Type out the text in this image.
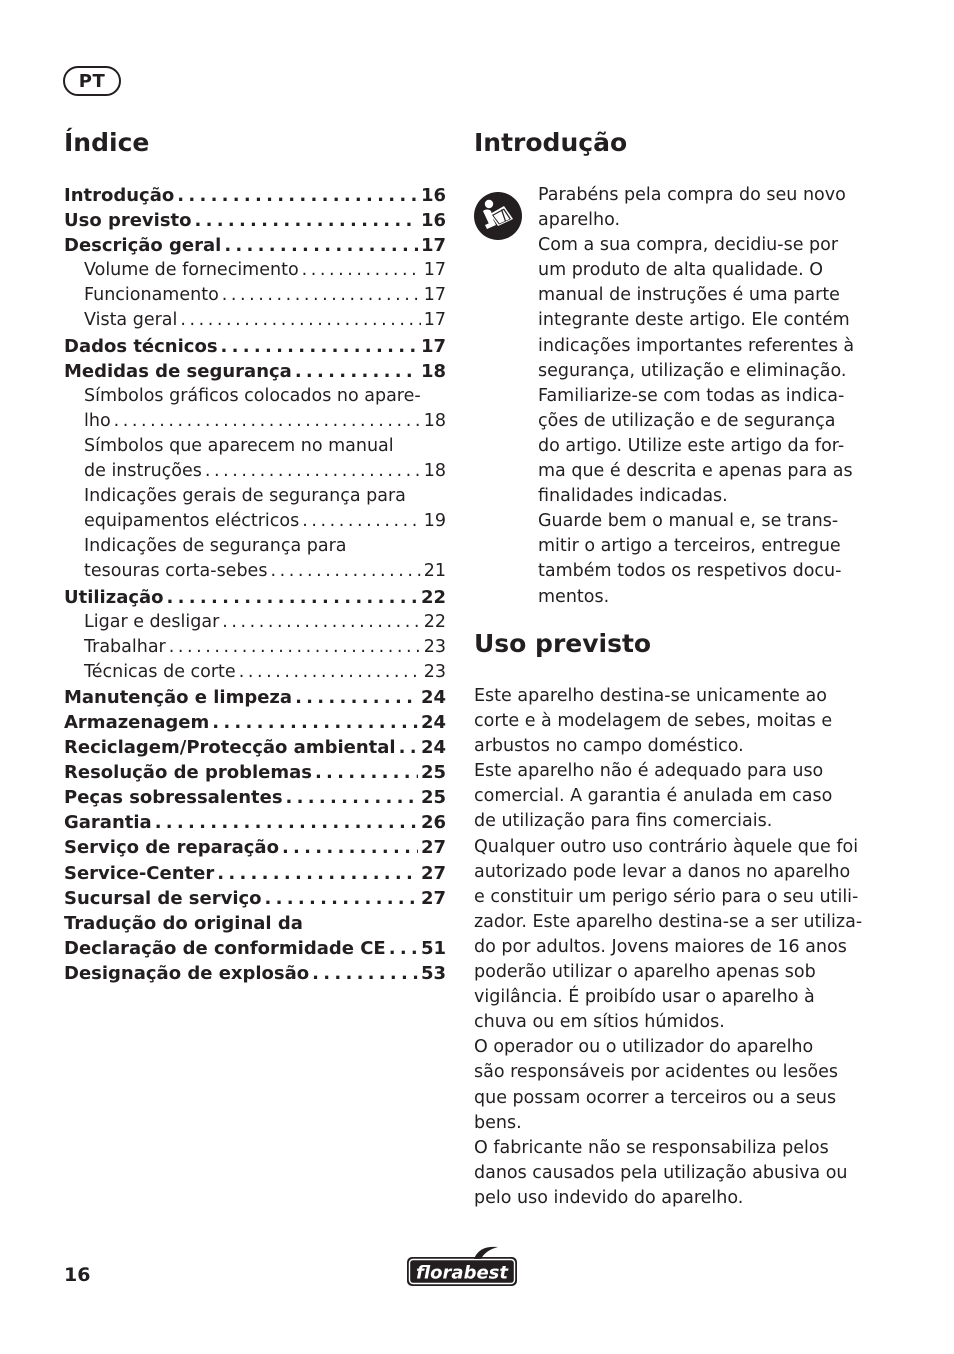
PT
Índice
Introdução . . .	16
Uso previsto . . .	16
Descrição geral . . .	17
Volume de fornecimento . . .	17
Funcionamento . . .	17
Vista geral . . .	17
Dados técnicos . . .	17
Medidas de segurança . . .	18
Símbolos gráficos colocados no apare-
lho . . .	18
Símbolos que aparecem no manual
de instruções . . .	18
Indicações gerais de segurança para
equipamentos eléctricos . . .	19
Indicações de segurança para
tesouras corta-sebes . . .	21
Utilização . . .	22
Ligar e desligar . . .	22
Trabalhar . . .	23
Técnicas de corte . . .	23
Manutenção e limpeza . . .	24
Armazenagem . . .	24
Reciclagem/Protecção ambiental . . . 24
Resolução de problemas . . .	25
Peças sobressalentes . . .	25
Garantia . . .	26
Serviço de reparação . . .	27
Service-Center . . .	27
Sucursal de serviço . . .	27
Tradução do original da
Declaração de conformidade CE . . . 51
Designação de explosão . . .	53
Introdução
Parabéns pela compra do seu novo
aparelho.
Com a sua compra, decidiu-se por
um produto de alta qualidade. O
manual de instruções é uma parte
integrante deste artigo. Ele contém
indicações importantes referentes à
segurança, utilização e eliminação.
Familiarize-se com todas as indica-
ções de utilização e de segurança
do artigo. Utilize este artigo da for-
ma que é descrita e apenas para as
finalidades indicadas.
Guarde bem o manual e, se trans-
mitir o artigo a terceiros, entregue
também todos os respetivos docu-
mentos.
Uso previsto
Este aparelho destina-se unicamente ao
corte e à modelagem de sebes, moitas e
arbustos no campo doméstico.
Este aparelho não é adequado para uso
comercial. A garantia é anulada em caso
de utilização para fins comerciais.
Qualquer outro uso contrário àquele que foi
autorizado pode levar a danos no aparelho
e constituir um perigo sério para o seu utili-
zador. Este aparelho destina-se a ser utiliza-
do por adultos. Jovens maiores de 16 anos
poderão utilizar o aparelho apenas sob
vigilância. É proibído usar o aparelho à
chuva ou em sítios húmidos.
O operador ou o utilizador do aparelho
são responsáveis por acidentes ou lesões
que possam ocorrer a terceiros ou a seus
bens.
O fabricante não se responsabiliza pelos
danos causados pela utilização abusiva ou
pelo uso indevido do aparelho.
16	florabest
